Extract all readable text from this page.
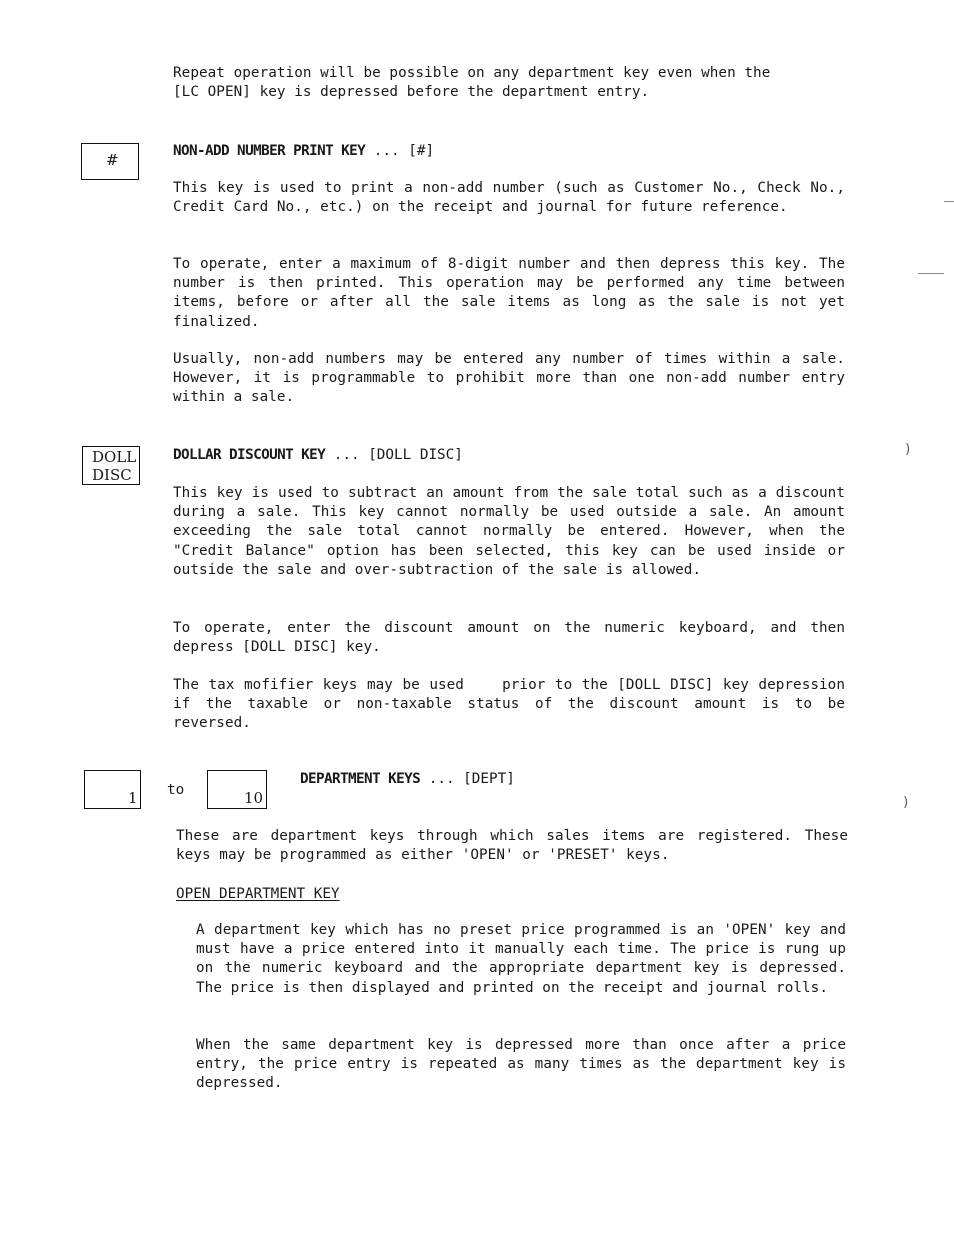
Repeat operation will be possible on any department key even when the
[LC OPEN] key is depressed before the department entry.
#	NON-ADD NUMBER PRINT KEY ... [#]
This key is used to print a non-add number (such as Customer No., Check No., Credit Card No., etc.) on the receipt and journal for future reference.
To operate, enter a maximum of 8-digit number and then depress this key. The number is then printed. This operation may be performed any time between items, before or after all the sale items as long as the sale is not yet finalized.
Usually, non-add numbers may be entered any number of times within a sale. However, it is programmable to prohibit more than one non-add number entry within a sale.
DOLL
DISC
DOLLAR DISCOUNT KEY ... [DOLL DISC]
This key is used to subtract an amount from the sale total such as a discount during a sale. This key cannot normally be used outside a sale. An amount exceeding the sale total cannot normally be entered. However, when the "Credit Balance" option has been selected, this key can be used inside or outside the sale and over-subtraction of the sale is allowed.
To operate, enter the discount amount on the numeric keyboard, and then depress [DOLL DISC] key.
The tax mofifier keys may be used    prior to the [DOLL DISC] key depression if the taxable or non-taxable status of the discount amount is to be reversed.
1 to	10
DEPARTMENT KEYS ... [DEPT]
These are department keys through which sales items are registered. These keys may be programmed as either 'OPEN' or 'PRESET' keys.
OPEN DEPARTMENT KEY
A department key which has no preset price programmed is an 'OPEN' key and must have a price entered into it manually each time. The price is rung up on the numeric keyboard and the appropriate department key is depressed. The price is then displayed and printed on the receipt and journal rolls.
When the same department key is depressed more than once after a price entry, the price entry is repeated as many times as the department key is depressed.
)
)
